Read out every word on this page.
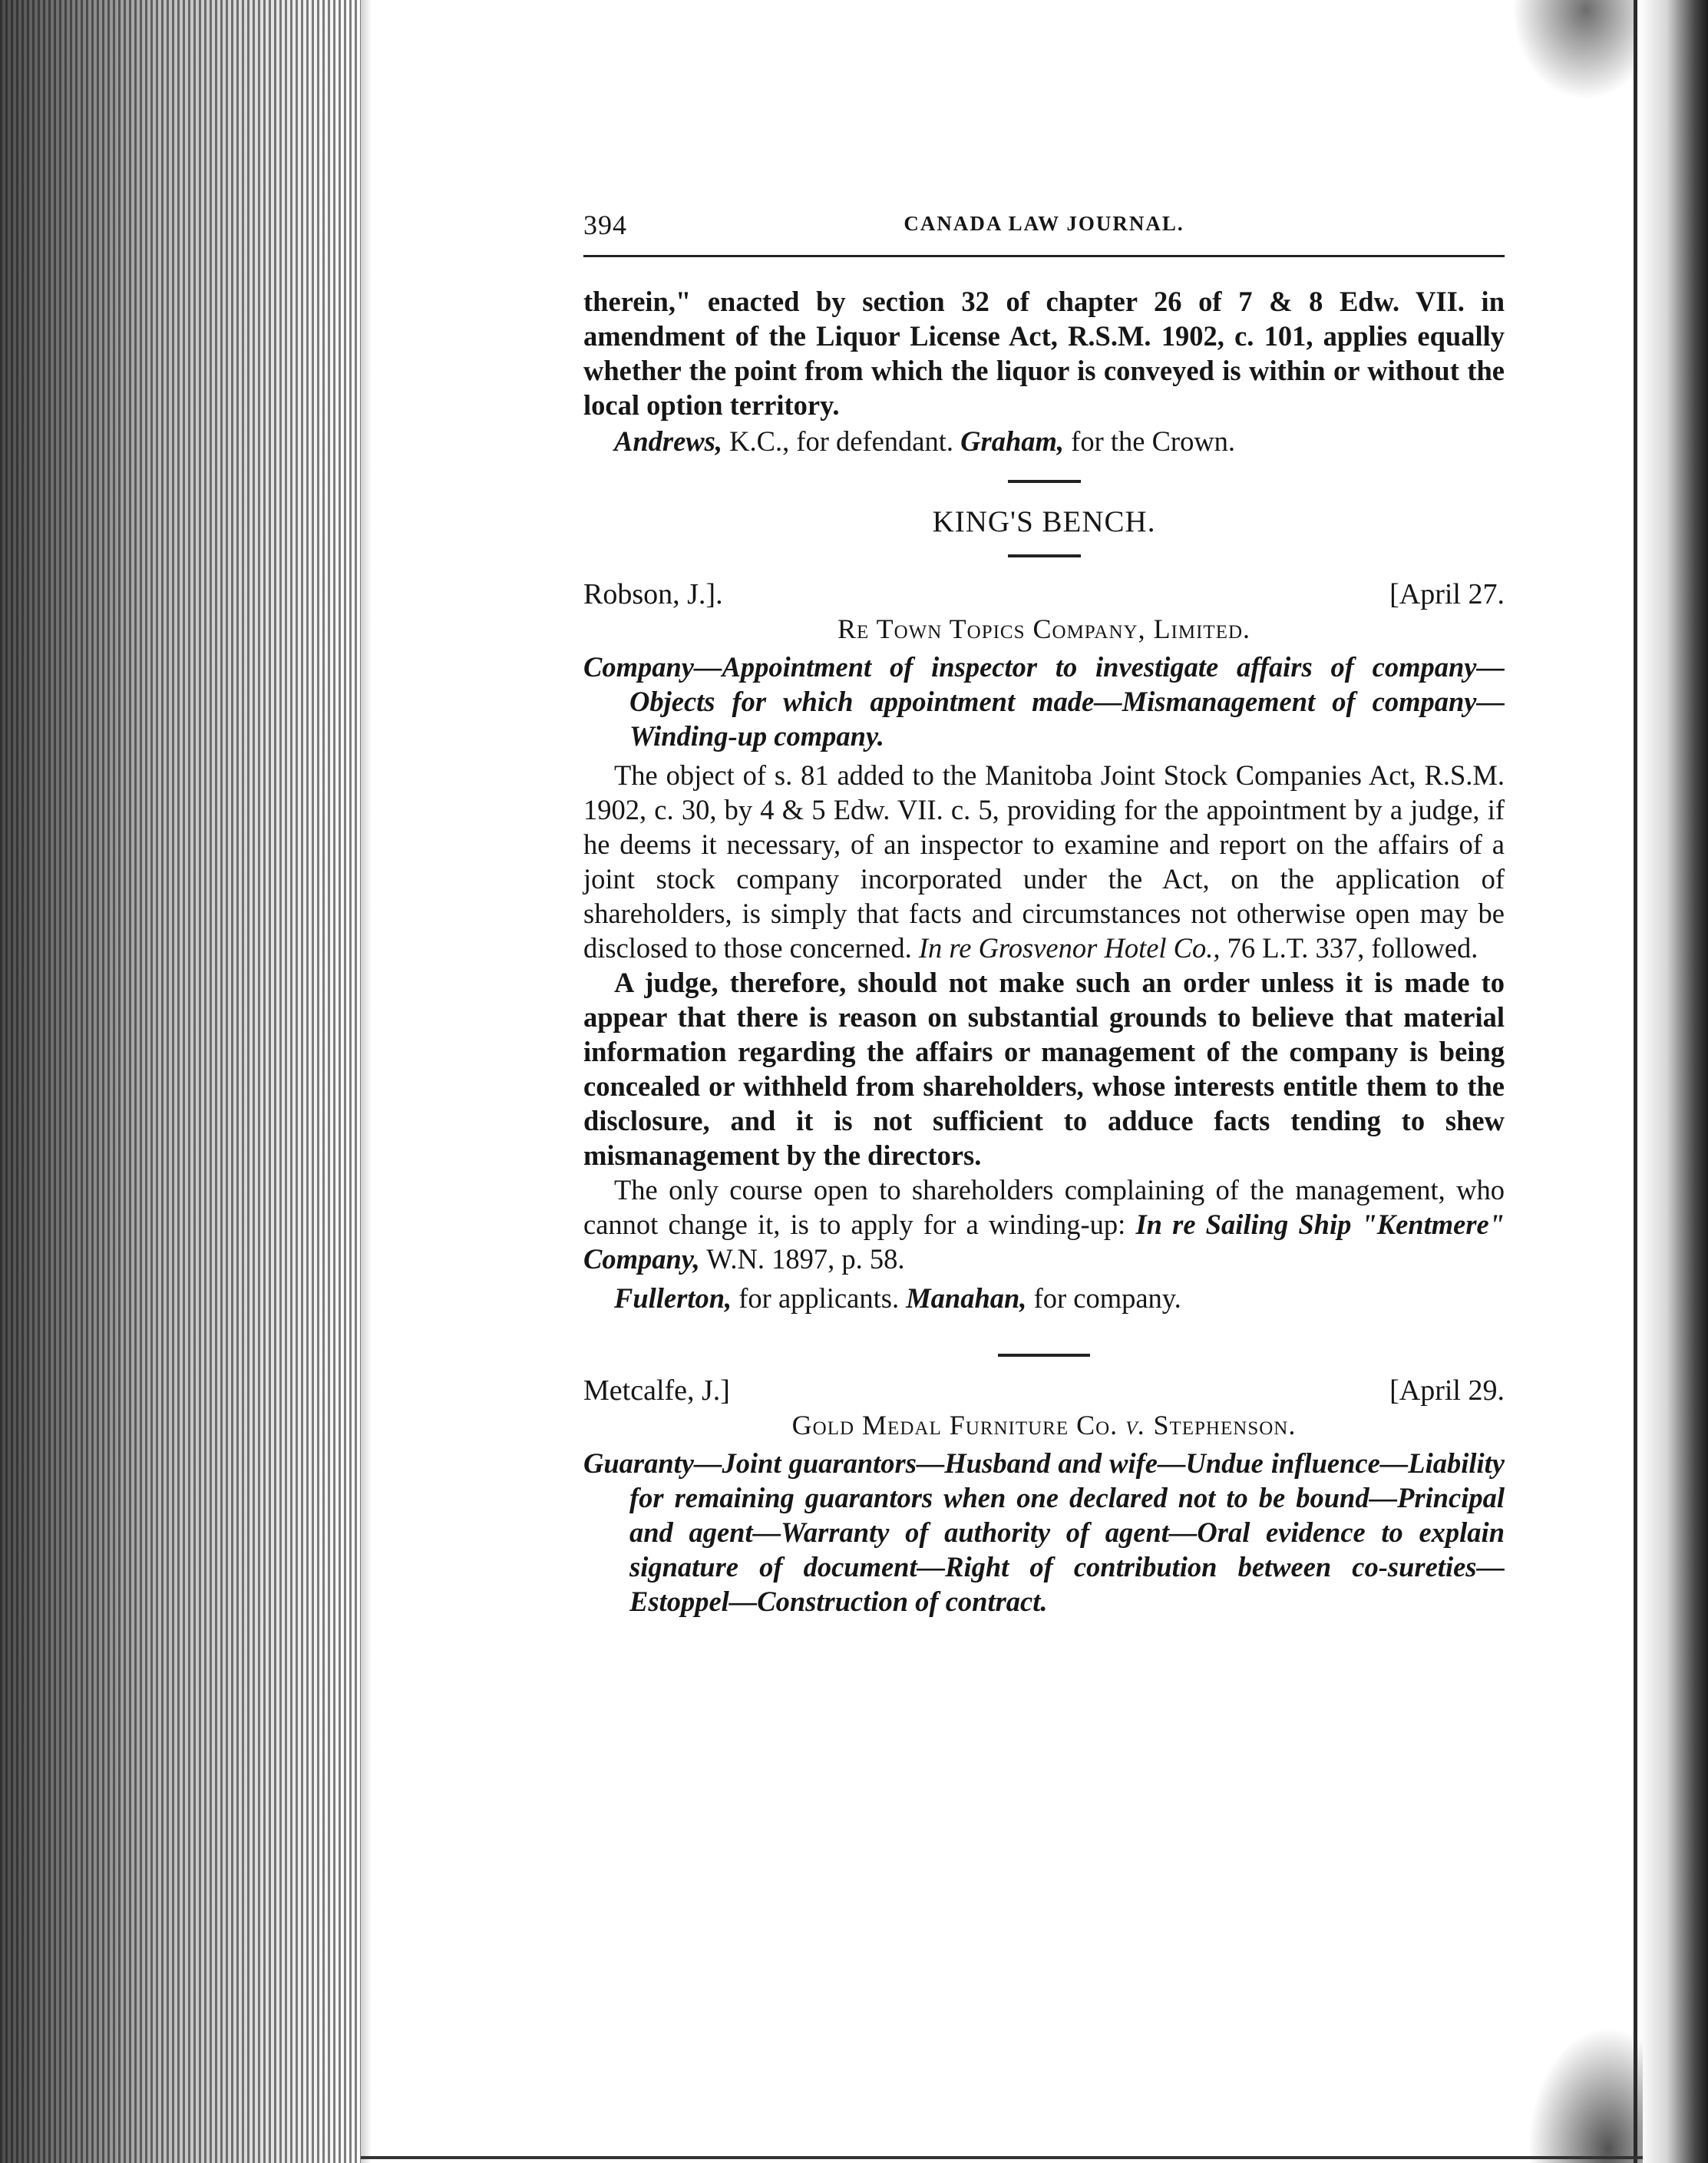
394	CANADA LAW JOURNAL.

therein," enacted by section 32 of chapter 26 of 7 & 8 Edw. VII. in amendment of the Liquor License Act, R.S.M. 1902, c. 101, applies equally whether the point from which the liquor is conveyed is within or without the local option territory.

Andrews, K.C., for defendant. Graham, for the Crown.

KING'S BENCH.
Robson, J.].	[April 27.
Re Town Topics Company, Limited.

Company—Appointment of inspector to investigate affairs of company—Objects for which appointment made—Mismanagement of company—Winding-up company.

The object of s. 81 added to the Manitoba Joint Stock Companies Act, R.S.M. 1902, c. 30, by 4 & 5 Edw. VII. c. 5, providing for the appointment by a judge, if he deems it necessary, of an inspector to examine and report on the affairs of a joint stock company incorporated under the Act, on the application of shareholders, is simply that facts and circumstances not otherwise open may be disclosed to those concerned. In re Grosvenor Hotel Co., 76 L.T. 337, followed.

A judge, therefore, should not make such an order unless it is made to appear that there is reason on substantial grounds to believe that material information regarding the affairs or management of the company is being concealed or withheld from shareholders, whose interests entitle them to the disclosure, and it is not sufficient to adduce facts tending to shew mismanagement by the directors.

The only course open to shareholders complaining of the management, who cannot change it, is to apply for a winding-up: In re Sailing Ship "Kentmere" Company, W.N. 1897, p. 58.

Fullerton, for applicants. Manahan, for company.

Metcalfe, J.]	[April 29.
Gold Medal Furniture Co. v. Stephenson.

Guaranty—Joint guarantors—Husband and wife—Undue influence—Liability for remaining guarantors when one declared not to be bound—Principal and agent—Warranty of authority of agent—Oral evidence to explain signature of document—Right of contribution between co-sureties—Estoppel—Construction of contract.
